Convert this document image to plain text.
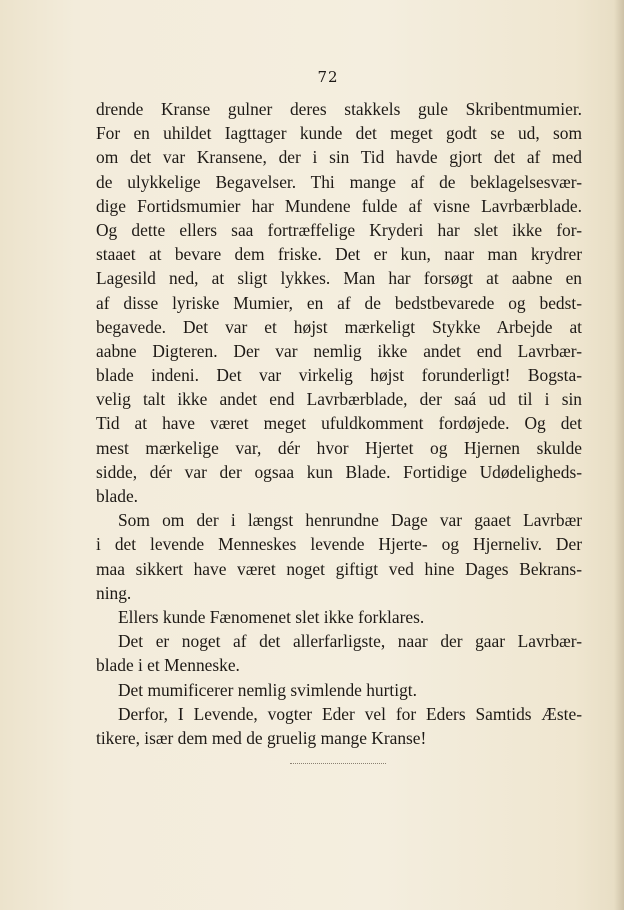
72
drende Kranse gulner deres stakkels gule Skribentmumier.
For en uhildet Iagttager kunde det meget godt se ud, som
om det var Kransene, der i sin Tid havde gjort det af med
de ulykkelige Begavelser. Thi mange af de beklagelsesvær-
dige Fortidsmumier har Mundene fulde af visne Lavrbærblade.
Og dette ellers saa fortræffelige Kryderi har slet ikke for-
staaet at bevare dem friske. Det er kun, naar man krydrer
Lagesild ned, at sligt lykkes. Man har forsøgt at aabne en
af disse lyriske Mumier, en af de bedstbevarede og bedst-
begavede. Det var et højst mærkeligt Stykke Arbejde at
aabne Digteren. Der var nemlig ikke andet end Lavrbær-
blade indeni. Det var virkelig højst forunderligt! Bogsta-
velig talt ikke andet end Lavrbærblade, der saá ud til i sin
Tid at have været meget ufuldkomment fordøjede. Og det
mest mærkelige var, dér hvor Hjertet og Hjernen skulde
sidde, dér var der ogsaa kun Blade. Fortidige Udødeligheds-
blade.
Som om der i længst henrundne Dage var gaaet Lavrbær
i det levende Menneskes levende Hjerte- og Hjerneliv. Der
maa sikkert have været noget giftigt ved hine Dages Bekrans-
ning.
Ellers kunde Fænomenet slet ikke forklares.
Det er noget af det allerfarligste, naar der gaar Lavrbær-
blade i et Menneske.
Det mumificerer nemlig svimlende hurtigt.
Derfor, I Levende, vogter Eder vel for Eders Samtids Æste-
tikere, især dem med de gruelig mange Kranse!
